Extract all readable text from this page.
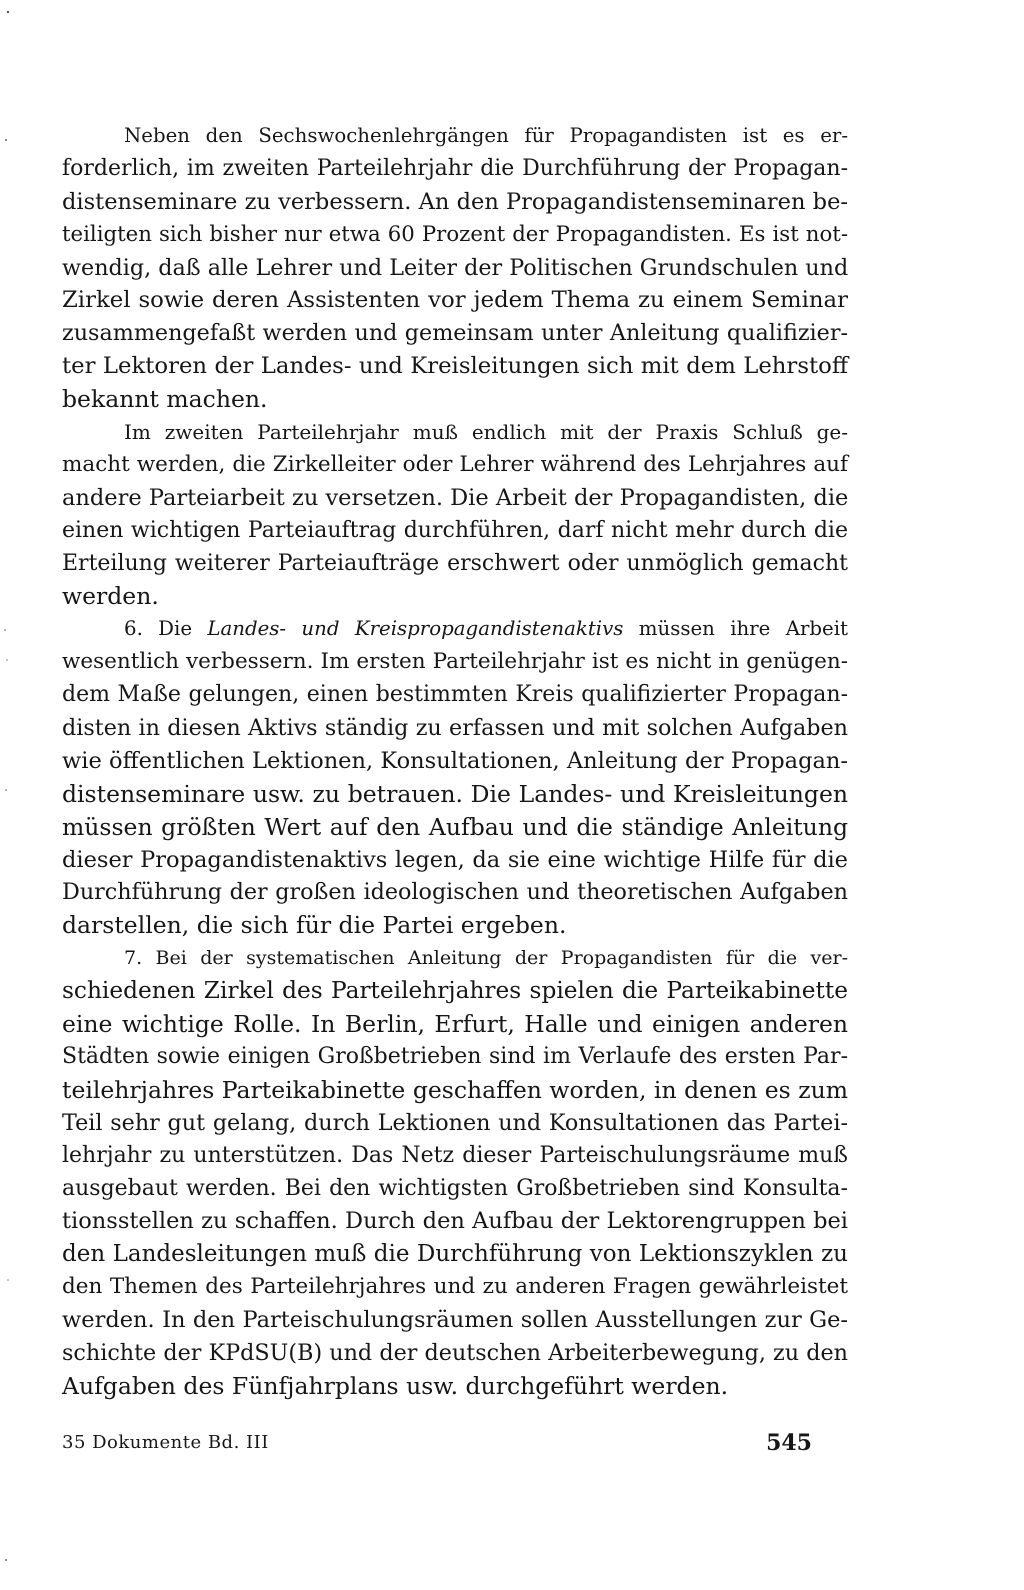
Neben den Sechswochenlehrgängen für Propagandisten ist es er-
forderlich, im zweiten Parteilehrjahr die Durchführung der Propagan-
distenseminare zu verbessern. An den Propagandistenseminaren be-
teiligten sich bisher nur etwa 60 Prozent der Propagandisten. Es ist not-
wendig, daß alle Lehrer und Leiter der Politischen Grundschulen und
Zirkel sowie deren Assistenten vor jedem Thema zu einem Seminar
zusammengefaßt werden und gemeinsam unter Anleitung qualifizier-
ter Lektoren der Landes- und Kreisleitungen sich mit dem Lehrstoff
bekannt machen.
Im zweiten Parteilehrjahr muß endlich mit der Praxis Schluß ge-
macht werden, die Zirkelleiter oder Lehrer während des Lehrjahres auf
andere Parteiarbeit zu versetzen. Die Arbeit der Propagandisten, die
einen wichtigen Parteiauftrag durchführen, darf nicht mehr durch die
Erteilung weiterer Parteiaufträge erschwert oder unmöglich gemacht
werden.
6. Die Landes- und Kreispropagandistenaktivs müssen ihre Arbeit
wesentlich verbessern. Im ersten Parteilehrjahr ist es nicht in genügen-
dem Maße gelungen, einen bestimmten Kreis qualifizierter Propagan-
disten in diesen Aktivs ständig zu erfassen und mit solchen Aufgaben
wie öffentlichen Lektionen, Konsultationen, Anleitung der Propagan-
distenseminare usw. zu betrauen. Die Landes- und Kreisleitungen
müssen größten Wert auf den Aufbau und die ständige Anleitung
dieser Propagandistenaktivs legen, da sie eine wichtige Hilfe für die
Durchführung der großen ideologischen und theoretischen Aufgaben
darstellen, die sich für die Partei ergeben.
7. Bei der systematischen Anleitung der Propagandisten für die ver-
schiedenen Zirkel des Parteilehrjahres spielen die Parteikabinette
eine wichtige Rolle. In Berlin, Erfurt, Halle und einigen anderen
Städten sowie einigen Großbetrieben sind im Verlaufe des ersten Par-
teilehrjahres Parteikabinette geschaffen worden, in denen es zum
Teil sehr gut gelang, durch Lektionen und Konsultationen das Partei-
lehrjahr zu unterstützen. Das Netz dieser Parteischulungsräume muß
ausgebaut werden. Bei den wichtigsten Großbetrieben sind Konsulta-
tionsstellen zu schaffen. Durch den Aufbau der Lektorengruppen bei
den Landesleitungen muß die Durchführung von Lektionszyklen zu
den Themen des Parteilehrjahres und zu anderen Fragen gewährleistet
werden. In den Parteischulungsräumen sollen Ausstellungen zur Ge-
schichte der KPdSU(B) und der deutschen Arbeiterbewegung, zu den
Aufgaben des Fünfjahrplans usw. durchgeführt werden.
35 Dokumente Bd. III	545
